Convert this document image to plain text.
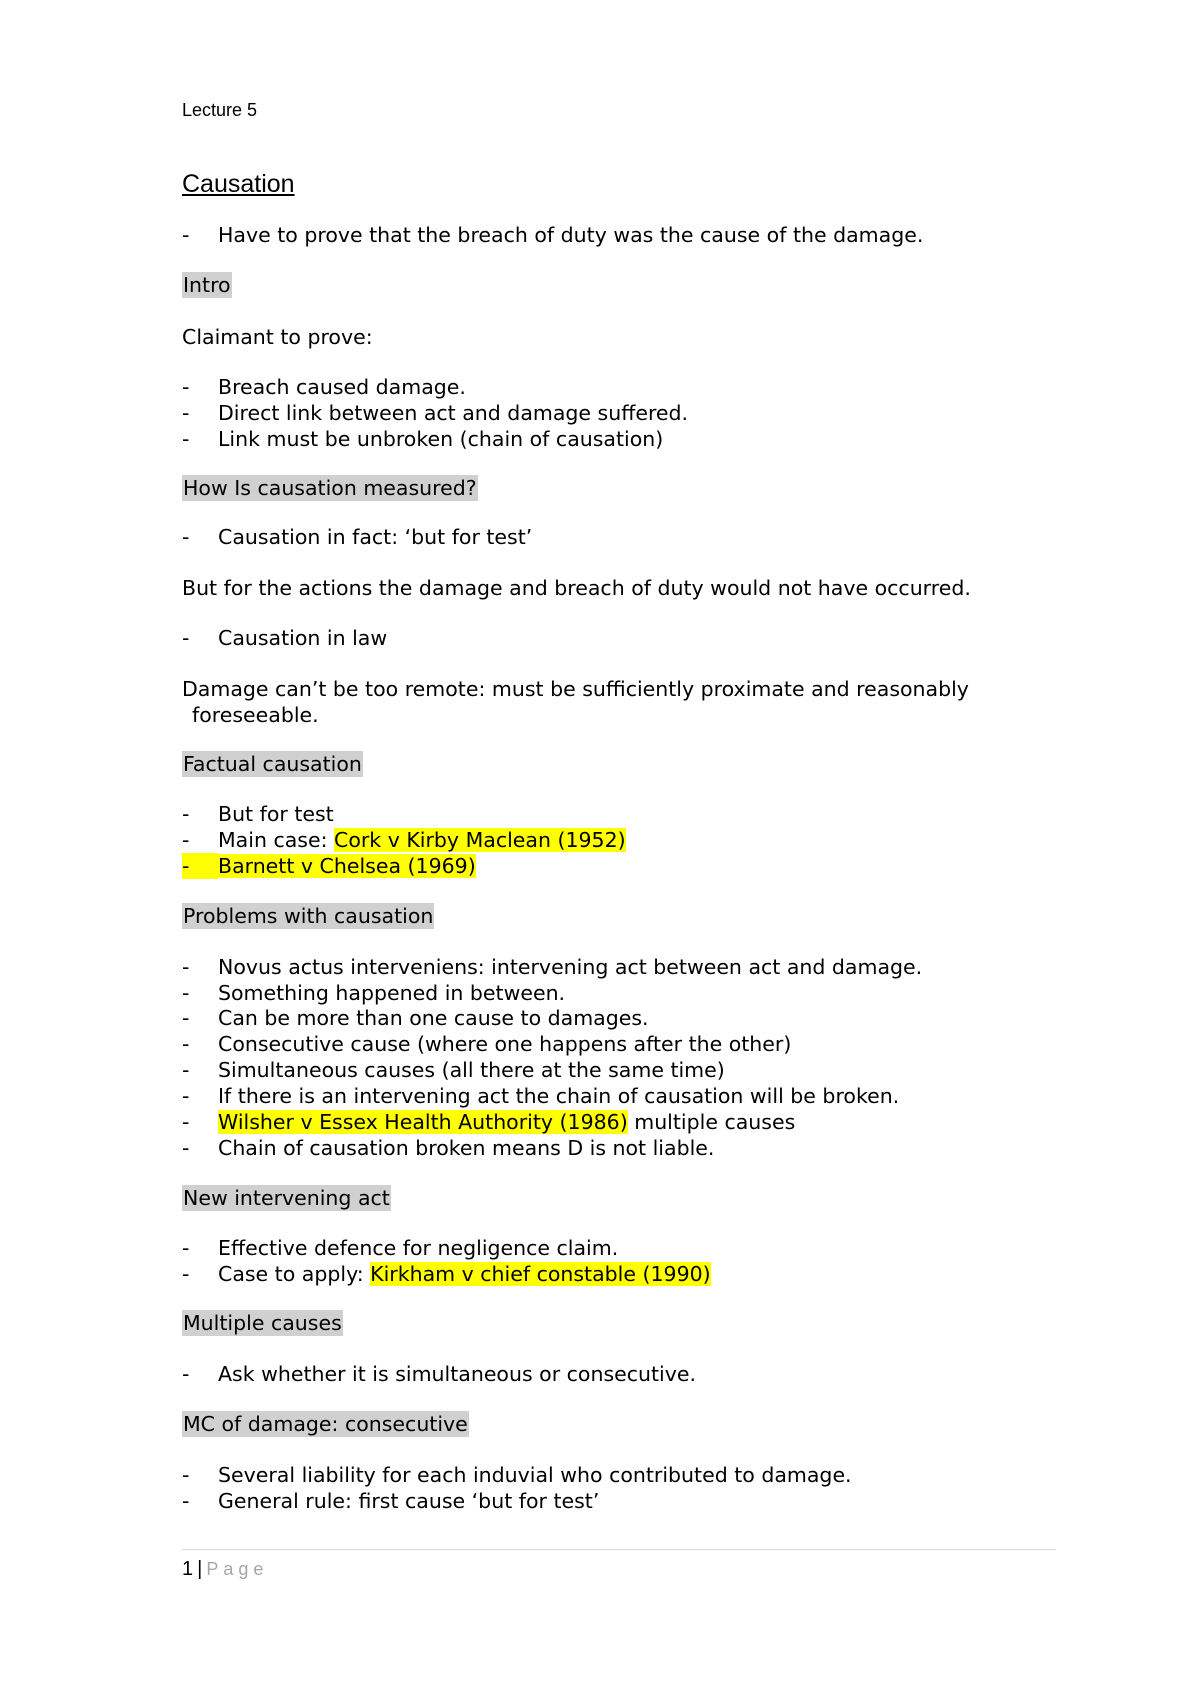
Lecture 5
Causation
- Have to prove that the breach of duty was the cause of the damage.
Intro
Claimant to prove:
- Breach caused damage.
- Direct link between act and damage suffered.
- Link must be unbroken (chain of causation)
How Is causation measured?
- Causation in fact: ‘but for test’
But for the actions the damage and breach of duty would not have occurred.
- Causation in law
Damage can’t be too remote: must be sufficiently proximate and reasonably
foreseeable.
Factual causation
- But for test
- Main case: Cork v Kirby Maclean (1952)
- Barnett v Chelsea (1969)
Problems with causation
- Novus actus interveniens: intervening act between act and damage.
- Something happened in between.
- Can be more than one cause to damages.
- Consecutive cause (where one happens after the other)
- Simultaneous causes (all there at the same time)
- If there is an intervening act the chain of causation will be broken.
- Wilsher v Essex Health Authority (1986) multiple causes
- Chain of causation broken means D is not liable.
New intervening act
- Effective defence for negligence claim.
- Case to apply: Kirkham v chief constable (1990)
Multiple causes
- Ask whether it is simultaneous or consecutive.
MC of damage: consecutive
- Several liability for each induvial who contributed to damage.
- General rule: first cause ‘but for test’
1 | Page
